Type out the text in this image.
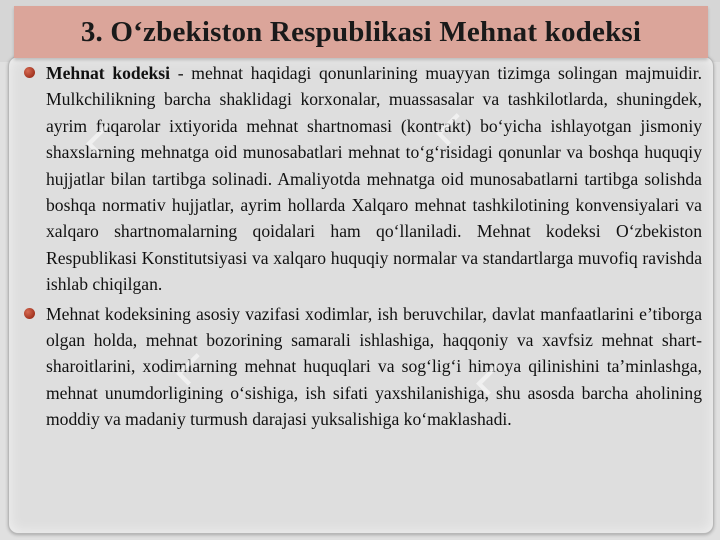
3. O‘zbekiston Respublikasi Mehnat kodeksi

Mehnat kodeksi - mehnat haqidagi qonunlarining muayyan tizimga solingan majmuidir. Mulkchilikning barcha shaklidagi korxonalar, muassasalar va tashkilotlarda, shuningdek, ayrim fuqarolar ixtiyorida mehnat shartnomasi (kontrakt) bo‘yicha ishlayotgan jismoniy shaxslarning mehnatga oid munosabatlari mehnat to‘g‘risidagi qonunlar va boshqa huquqiy hujjatlar bilan tartibga solinadi. Amaliyotda mehnatga oid munosabatlarni tartibga solishda boshqa normativ hujjatlar, ayrim hollarda Xalqaro mehnat tashkilotining konvensiyalari va xalqaro shartnomalarning qoidalari ham qo‘llaniladi. Mehnat kodeksi O‘zbekiston Respublikasi Konstitutsiyasi va xalqaro huquqiy normalar va standartlarga muvofiq ravishda ishlab chiqilgan.

Mehnat kodeksining asosiy vazifasi xodimlar, ish beruvchilar, davlat manfaatlarini e’tiborga olgan holda, mehnat bozorining samarali ishlashiga, haqqoniy va xavfsiz mehnat shart-sharoitlarini, xodimlarning mehnat huquqlari va sog‘lig‘i himoya qilinishini ta’minlashga, mehnat unumdorligining o‘sishiga, ish sifati yaxshilanishiga, shu asosda barcha aholining moddiy va madaniy turmush darajasi yuksalishiga ko‘maklashadi.

⌐	⌐
⌐	⌐
